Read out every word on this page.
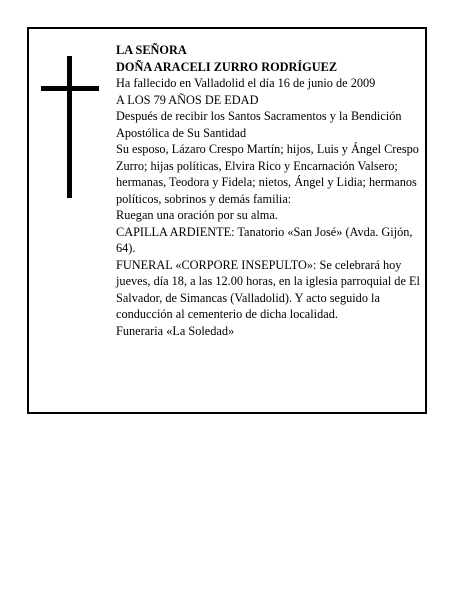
LA SEÑORA

DOÑA ARACELI ZURRO RODRÍGUEZ

Ha fallecido en Valladolid el día 16 de junio de 2009

A LOS 79 AÑOS DE EDAD

Después de recibir los Santos Sacramentos y la Bendición Apostólica de Su Santidad

Su esposo, Lázaro Crespo Martín; hijos, Luis y Ángel Crespo Zurro; hijas políticas, Elvira Rico y Encarnación Valsero; hermanas, Teodora y Fidela; nietos, Ángel y Lidia; hermanos políticos, sobrinos y demás familia:

Ruegan una oración por su alma.

CAPILLA ARDIENTE: Tanatorio «San José» (Avda. Gijón, 64).

FUNERAL «CORPORE INSEPULTO»: Se celebrará hoy jueves, día 18, a las 12.00 horas, en la iglesia parroquial de El Salvador, de Simancas (Valladolid). Y acto seguido la conducción al cementerio de dicha localidad.

Funeraria «La Soledad»
